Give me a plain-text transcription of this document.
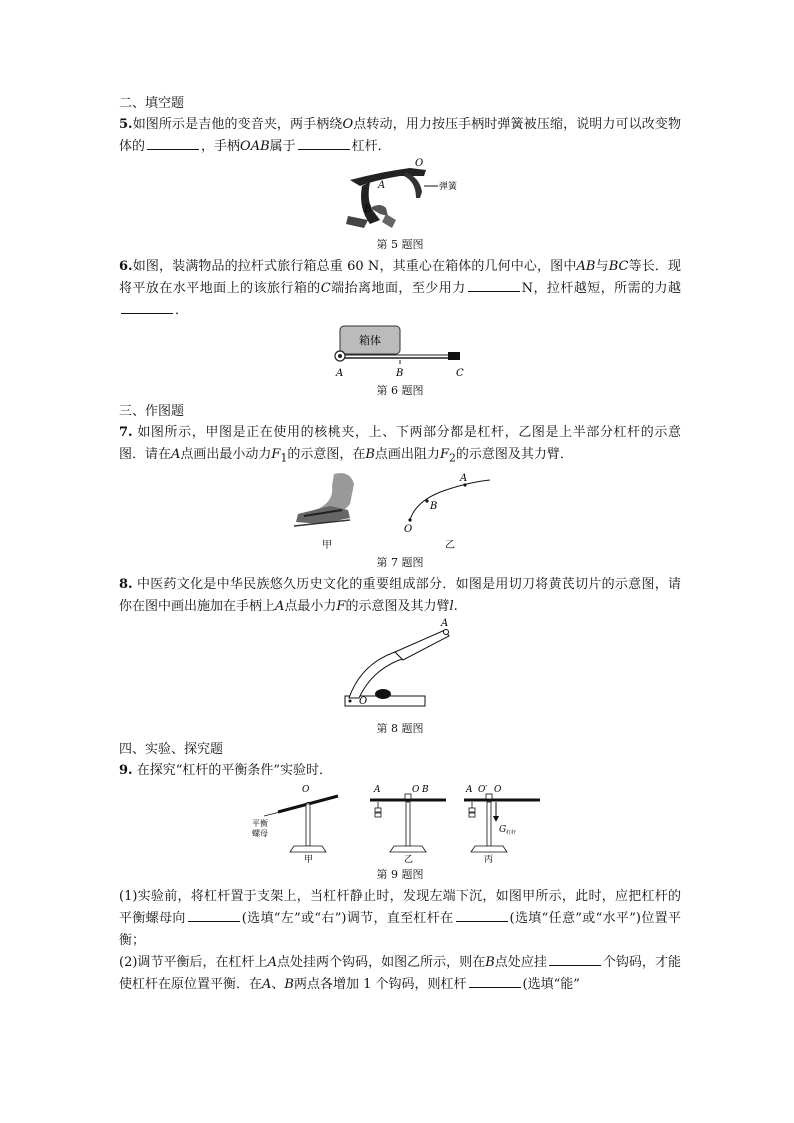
二、填空题

5.如图所示是吉他的变音夹，两手柄绕O点转动，用力按压手柄时弹簧被压缩，说明力可以改变物体的	，手柄OAB属于	杠杆．

O
A
B
弹簧
第 5 题图

6.如图，装满物品的拉杆式旅行箱总重 60 N，其重心在箱体的几何中心，图中AB与BC等长．现将平放在水平地面上的该旅行箱的C端抬离地面，至少用力	N，拉杆越短，所需的力越．

箱体
A	B	C
第 6 题图

三、作图题

7. 如图所示，甲图是正在使用的核桃夹，上、下两部分都是杠杆，乙图是上半部分杠杆的示意图．请在A点画出最小动力$F_1$的示意图，在B点画出阻力$F_2$的示意图及其力臂．

甲
A
B
O
乙
第 7 题图

8. 中医药文化是中华民族悠久历史文化的重要组成部分．如图是用切刀将黄芪切片的示意图，请你在图中画出施加在手柄上A点最小力F的示意图及其力臂l.

A
O
第 8 题图

四、实验、探究题

9. 在探究“杠杆的平衡条件”实验时．

O
平衡
螺母
甲
A	O B
乙
A O′ O
G 杠杆
丙
第 9 题图

(1)实验前，将杠杆置于支架上，当杠杆静止时，发现左端下沉，如图甲所示，此时，应把杠杆的平衡螺母向	(选填“左”或“右”)调节，直至杠杆在	(选填“任意”或“水平”)位置平衡；

(2)调节平衡后，在杠杆上A点处挂两个钩码，如图乙所示，则在B点处应挂	个钩码，才能使杠杆在原位置平衡．在A、B两点各增加 1 个钩码，则杠杆	(选填“能”
